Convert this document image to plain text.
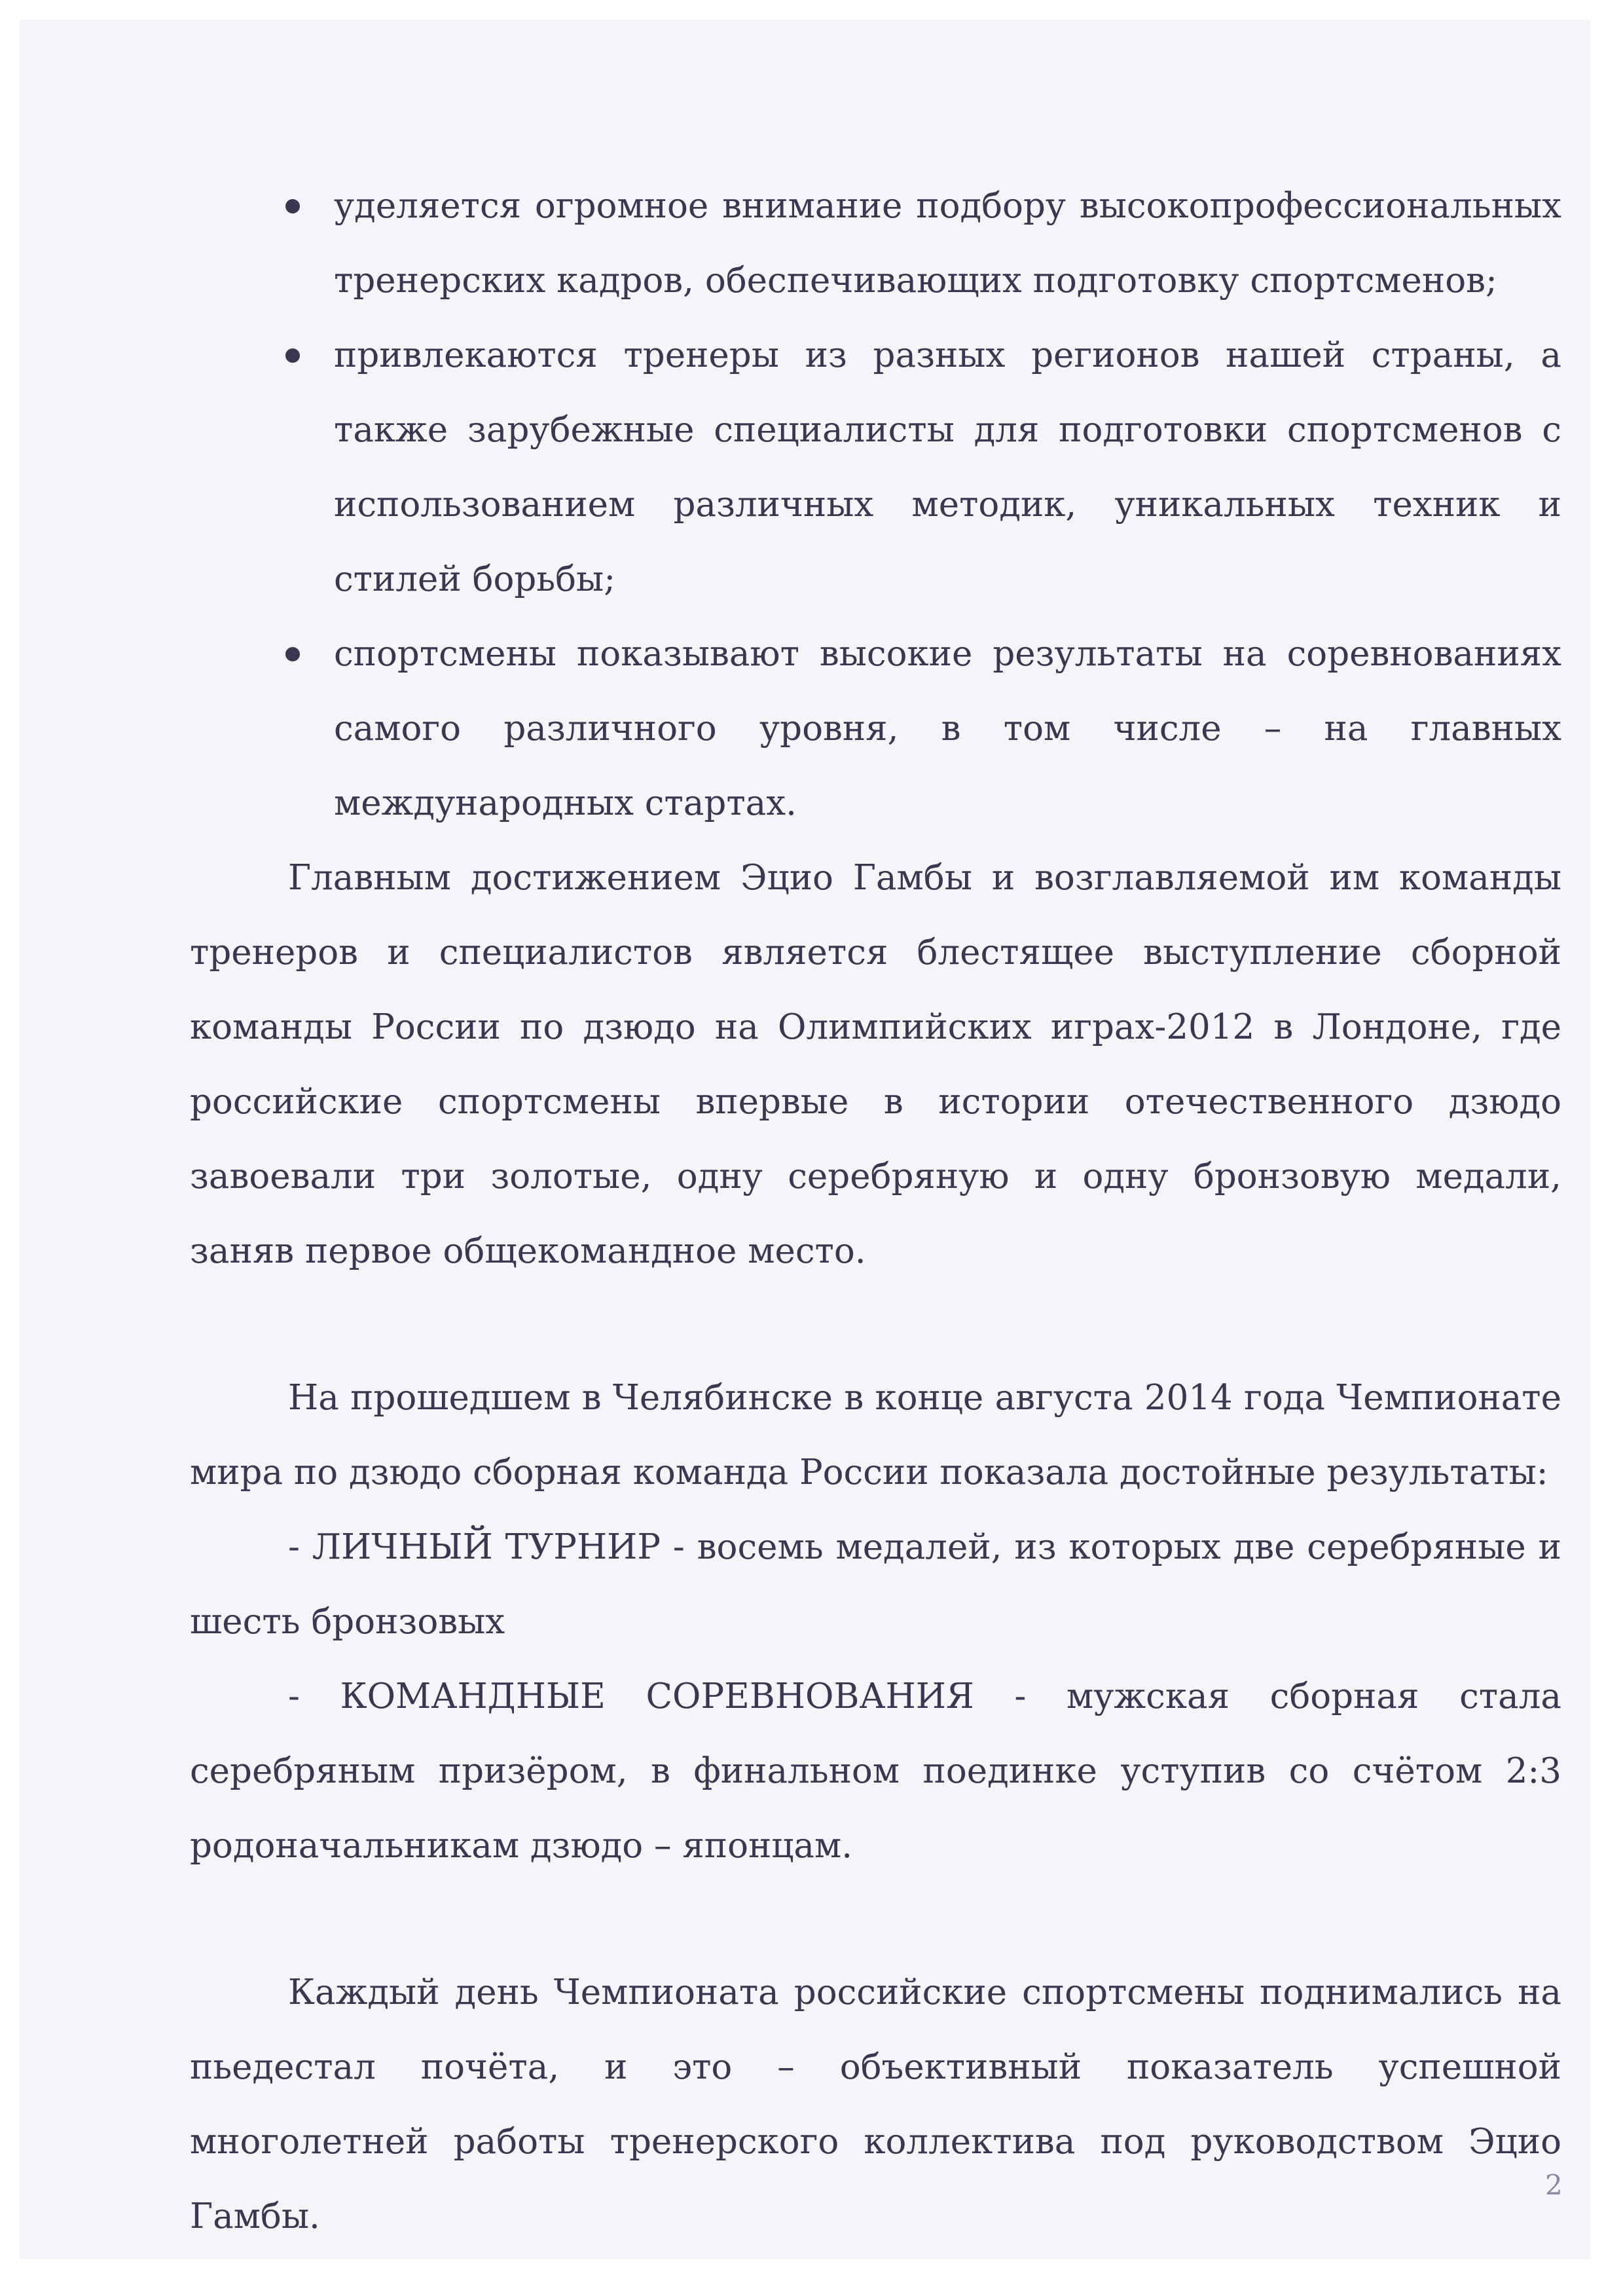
уделяется огромное внимание подбору высокопрофессиональных тренерских кадров, обеспечивающих подготовку спортсменов;
привлекаются тренеры из разных регионов нашей страны, а также зарубежные специалисты для подготовки спортсменов с использованием различных методик, уникальных техник и стилей борьбы;
спортсмены показывают высокие результаты на соревнованиях самого различного уровня, в том числе – на главных международных стартах.

Главным достижением Эцио Гамбы и возглавляемой им команды тренеров и специалистов является блестящее выступление сборной команды России по дзюдо на Олимпийских играх-2012 в Лондоне, где российские спортсмены впервые в истории отечественного дзюдо завоевали три золотые, одну серебряную и одну бронзовую медали, заняв первое общекомандное место.

На прошедшем в Челябинске в конце августа 2014 года Чемпионате мира по дзюдо сборная команда России показала достойные результаты:

- ЛИЧНЫЙ ТУРНИР - восемь медалей, из которых две серебряные и шесть бронзовых

- КОМАНДНЫЕ СОРЕВНОВАНИЯ - мужская сборная стала серебряным призёром, в финальном поединке уступив со счётом 2:3 родоначальникам дзюдо – японцам.

Каждый день Чемпионата российские спортсмены поднимались на пьедестал почёта, и это – объективный показатель успешной многолетней работы тренерского коллектива под руководством Эцио Гамбы.

2
